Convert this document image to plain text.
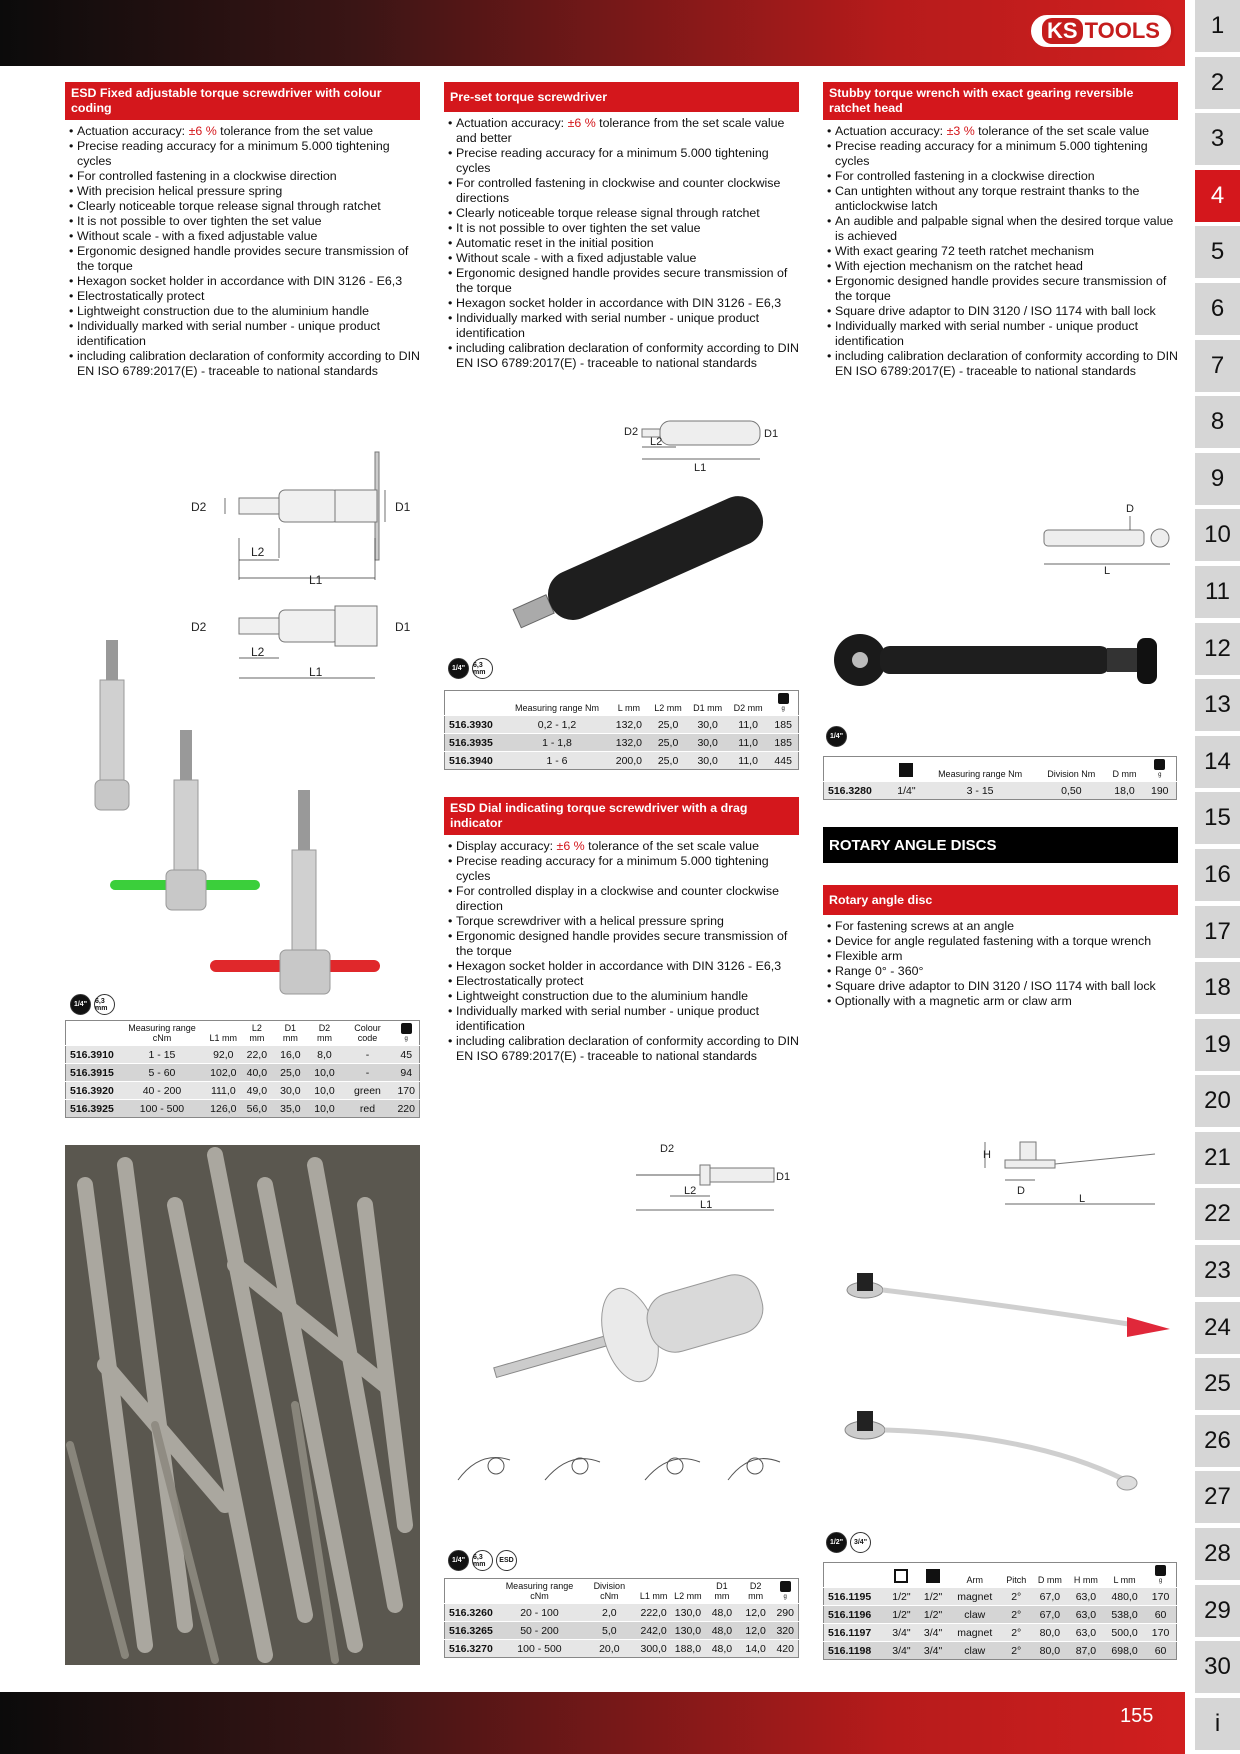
KS TOOLS
155
1
2
3
4
5
6
7
8
9
10
11
12
13
14
15
16
17
18
19
20
21
22
23
24
25
26
27
28
29
30
i
ESD Fixed adjustable torque screwdriver with colour coding
• Actuation accuracy: ±6 % tolerance from the set value
• Precise reading accuracy for a minimum 5.000 tightening cycles
• For controlled fastening in a clockwise direction
• With precision helical pressure spring
• Clearly noticeable torque release signal through ratchet
• It is not possible to over tighten the set value
• Without scale - with a fixed adjustable value
• Ergonomic designed handle provides secure transmission of the torque
• Hexagon socket holder in accordance with DIN 3126 - E6,3
• Electrostatically protect
• Lightweight construction due to the aluminium handle
• Individually marked with serial number - unique product identification
• including calibration declaration of conformity according to DIN EN ISO 6789:2017(E) - traceable to national standards
D2	D1
L2
L1
D2	D1
L2
L1
1/4"	6,3 mm
	Measuring range cNm	L1 mm	L2 mm	D1 mm	D2 mm	Colour code	g

516.3910	1 - 15	92,0	22,0	16,0	8,0	-	45
516.3915	5 - 60	102,0	40,0	25,0	10,0	-	94
516.3920	40 - 200	111,0	49,0	30,0	10,0	green	170
516.3925	100 - 500	126,0	56,0	35,0	10,0	red	220
Pre-set torque screwdriver
• Actuation accuracy: ±6 % tolerance from the set scale value and better
• Precise reading accuracy for a minimum 5.000 tightening cycles
• For controlled fastening in clockwise and counter clockwise directions
• Clearly noticeable torque release signal through ratchet
• It is not possible to over tighten the set value
• Automatic reset in the initial position
• Without scale - with a fixed adjustable value
• Ergonomic designed handle provides secure transmission of the torque
• Hexagon socket holder in accordance with DIN 3126 - E6,3
• Individually marked with serial number - unique product identification
• including calibration declaration of conformity according to DIN EN ISO 6789:2017(E) - traceable to national standards
D2	D1
L2
L1
1/4"	6,3 mm
	Measuring range Nm	L mm	L2 mm	D1 mm	D2 mm	g

516.3930	0,2 - 1,2	132,0	25,0	30,0	11,0	185
516.3935	1 - 1,8	132,0	25,0	30,0	11,0	185
516.3940	1 - 6	200,0	25,0	30,0	11,0	445
ESD Dial indicating torque screwdriver with a drag indicator
• Display accuracy: ±6 % tolerance of the set scale value
• Precise reading accuracy for a minimum 5.000 tightening cycles
• For controlled display in a clockwise and counter clockwise direction
• Torque screwdriver with a helical pressure spring
• Ergonomic designed handle provides secure transmission of the torque
• Hexagon socket holder in accordance with DIN 3126 - E6,3
• Electrostatically protect
• Lightweight construction due to the aluminium handle
• Individually marked with serial number - unique product identification
• including calibration declaration of conformity according to DIN EN ISO 6789:2017(E) - traceable to national standards
D2
D1
L2
L1
1/4"	6,3 mm	ESD
	Measuring range cNm	Division cNm	L1 mm	L2 mm	D1 mm	D2 mm	g

516.3260	20 - 100	2,0	222,0	130,0	48,0	12,0	290
516.3265	50 - 200	5,0	242,0	130,0	48,0	12,0	320
516.3270	100 - 500	20,0	300,0	188,0	48,0	14,0	420
Stubby torque wrench with exact gearing reversible ratchet head
• Actuation accuracy: ±3 % tolerance of the set scale value
• Precise reading accuracy for a minimum 5.000 tightening cycles
• For controlled fastening in a clockwise direction
• Can untighten without any torque restraint thanks to the anticlockwise latch
• An audible and palpable signal when the desired torque value is achieved
• With exact gearing 72 teeth ratchet mechanism
• With ejection mechanism on the ratchet head
• Ergonomic designed handle provides secure transmission of the torque
• Square drive adaptor to DIN 3120 / ISO 1174 with ball lock
• Individually marked with serial number - unique product identification
• including calibration declaration of conformity according to DIN EN ISO 6789:2017(E) - traceable to national standards
D
L
1/4"
		Measuring range Nm	Division Nm	D mm	g

516.3280	1/4"	3 - 15	0,50	18,0	190
ROTARY ANGLE DISCS
Rotary angle disc
• For fastening screws at an angle
• Device for angle regulated fastening with a torque wrench
• Flexible arm
• Range 0° - 360°
• Square drive adaptor to DIN 3120 / ISO 1174 with ball lock
• Optionally with a magnetic arm or claw arm
H
D
L
1/2"	3/4"
			Arm	Pitch	D mm	H mm	L mm	g

516.1195	1/2"	1/2"	magnet	2°	67,0	63,0	480,0	170
516.1196	1/2"	1/2"	claw	2°	67,0	63,0	538,0	60
516.1197	3/4"	3/4"	magnet	2°	80,0	63,0	500,0	170
516.1198	3/4"	3/4"	claw	2°	80,0	87,0	698,0	60
